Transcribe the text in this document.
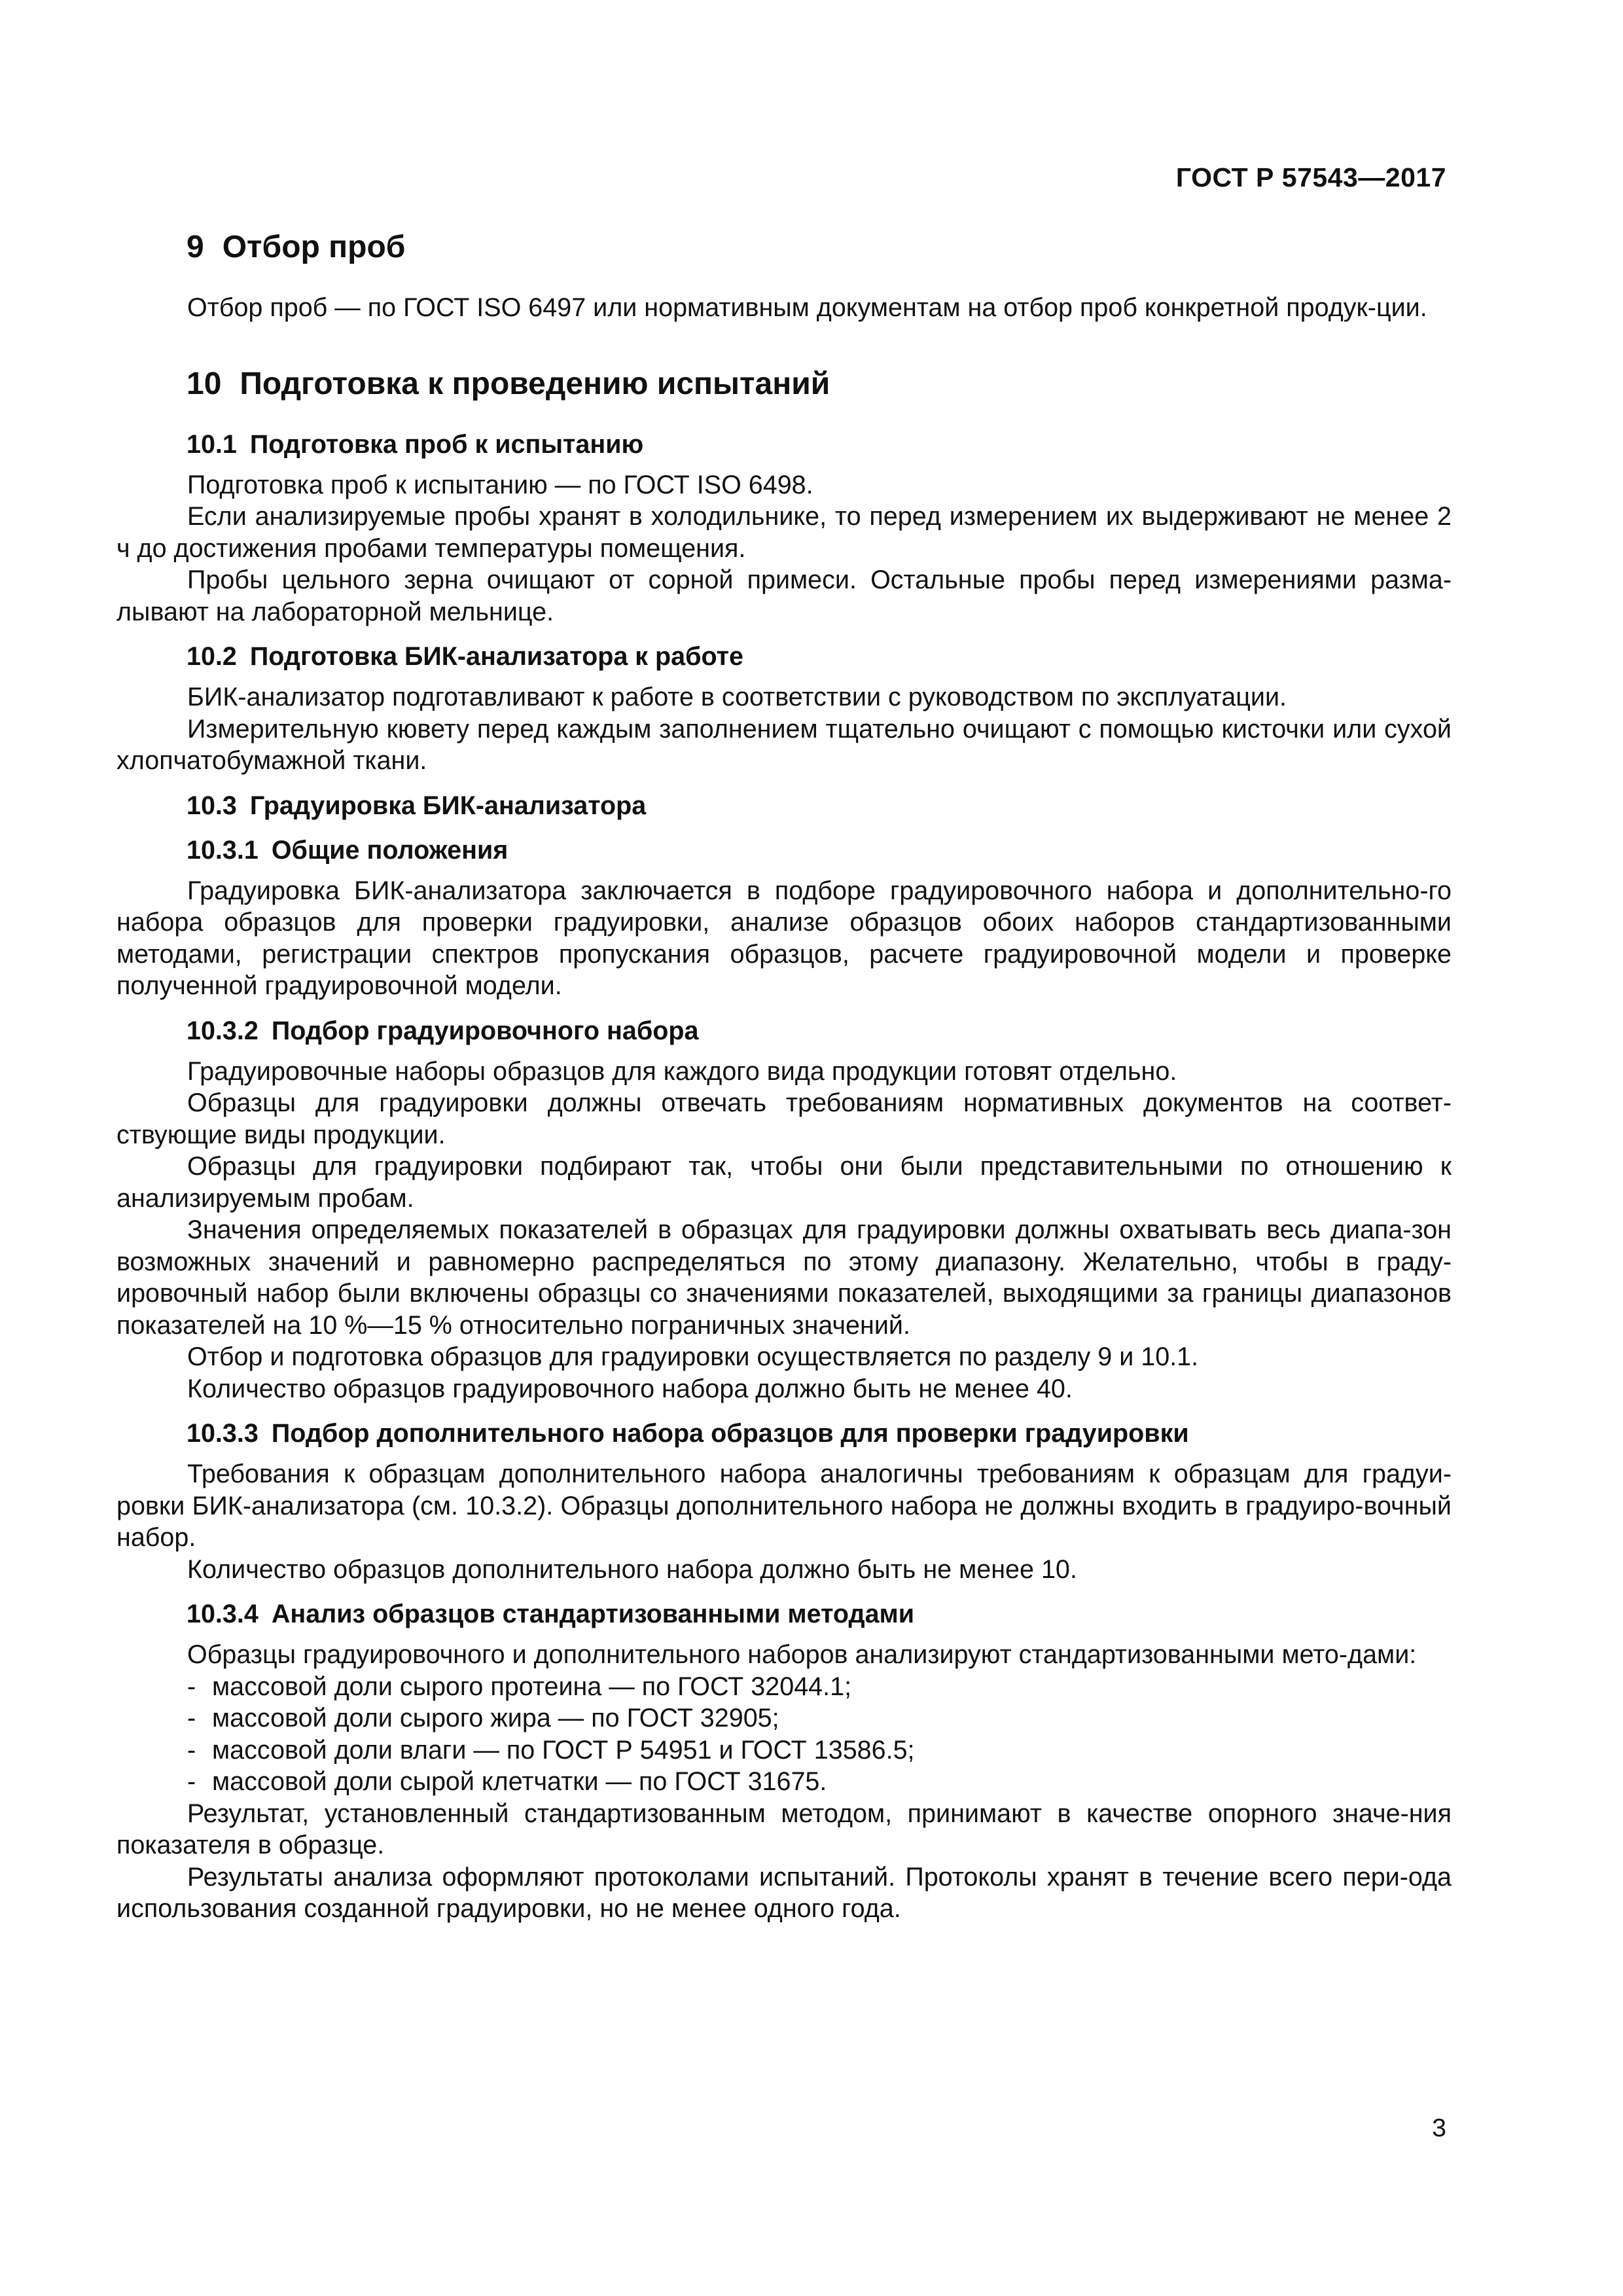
ГОСТ Р 57543—2017
9 Отбор проб

Отбор проб — по ГОСТ ISO 6497 или нормативным документам на отбор проб конкретной продук-ции.

10 Подготовка к проведению испытаний
10.1 Подготовка проб к испытанию

Подготовка проб к испытанию — по ГОСТ ISO 6498.

Если анализируемые пробы хранят в холодильнике, то перед измерением их выдерживают не менее 2 ч до достижения пробами температуры помещения.

Пробы цельного зерна очищают от сорной примеси. Остальные пробы перед измерениями разма-лывают на лабораторной мельнице.

10.2 Подготовка БИК-анализатора к работе

БИК-анализатор подготавливают к работе в соответствии с руководством по эксплуатации.

Измерительную кювету перед каждым заполнением тщательно очищают с помощью кисточки или сухой хлопчатобумажной ткани.

10.3 Градуировка БИК-анализатора
10.3.1 Общие положения

Градуировка БИК-анализатора заключается в подборе градуировочного набора и дополнительно-го набора образцов для проверки градуировки, анализе образцов обоих наборов стандартизованными методами, регистрации спектров пропускания образцов, расчете градуировочной модели и проверке полученной градуировочной модели.

10.3.2 Подбор градуировочного набора

Градуировочные наборы образцов для каждого вида продукции готовят отдельно.

Образцы для градуировки должны отвечать требованиям нормативных документов на соответ-ствующие виды продукции.

Образцы для градуировки подбирают так, чтобы они были представительными по отношению к анализируемым пробам.

Значения определяемых показателей в образцах для градуировки должны охватывать весь диапа-зон возможных значений и равномерно распределяться по этому диапазону. Желательно, чтобы в граду-ировочный набор были включены образцы со значениями показателей, выходящими за границы диапазонов показателей на 10 %—15 % относительно пограничных значений.

Отбор и подготовка образцов для градуировки осуществляется по разделу 9 и 10.1.

Количество образцов градуировочного набора должно быть не менее 40.

10.3.3 Подбор дополнительного набора образцов для проверки градуировки

Требования к образцам дополнительного набора аналогичны требованиям к образцам для градуи-ровки БИК-анализатора (см. 10.3.2). Образцы дополнительного набора не должны входить в градуиро-вочный набор.

Количество образцов дополнительного набора должно быть не менее 10.

10.3.4 Анализ образцов стандартизованными методами

Образцы градуировочного и дополнительного наборов анализируют стандартизованными мето-дами:

- массовой доли сырого протеина — по ГОСТ 32044.1;
- массовой доли сырого жира — по ГОСТ 32905;
- массовой доли влаги — по ГОСТ Р 54951 и ГОСТ 13586.5;
- массовой доли сырой клетчатки — по ГОСТ 31675.

Результат, установленный стандартизованным методом, принимают в качестве опорного значе-ния показателя в образце.

Результаты анализа оформляют протоколами испытаний. Протоколы хранят в течение всего пери-ода использования созданной градуировки, но не менее одного года.

3
